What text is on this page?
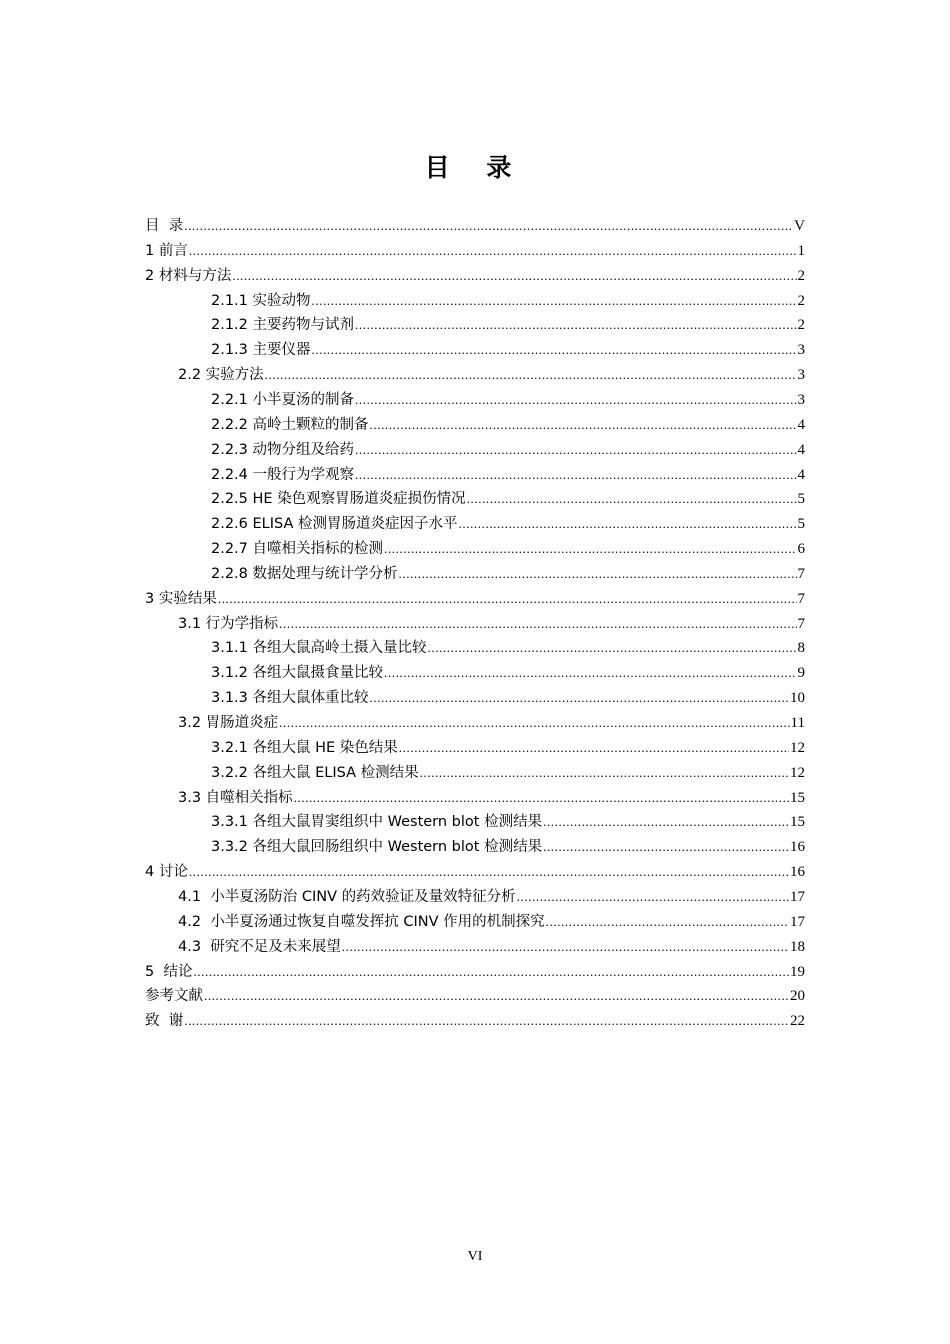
目 录
目  录 .....	V
1 前言 .....	1
2 材料与方法 .....	2
2.1.1 实验动物 .....	2
2.1.2 主要药物与试剂 .....	2
2.1.3 主要仪器 .....	3
2.2 实验方法 .....	3
2.2.1 小半夏汤的制备 .....	3
2.2.2 高岭土颗粒的制备 .....	4
2.2.3 动物分组及给药 .....	4
2.2.4 一般行为学观察 .....	4
2.2.5 HE 染色观察胃肠道炎症损伤情况 .....	5
2.2.6 ELISA 检测胃肠道炎症因子水平 .....	5
2.2.7 自噬相关指标的检测 .....	6
2.2.8 数据处理与统计学分析 .....	7
3 实验结果 .....	7
3.1 行为学指标 .....	7
3.1.1 各组大鼠高岭土摄入量比较 .....	8
3.1.2 各组大鼠摄食量比较 .....	9
3.1.3 各组大鼠体重比较 .....	10
3.2 胃肠道炎症 .....	11
3.2.1 各组大鼠 HE 染色结果 .....	12
3.2.2 各组大鼠 ELISA 检测结果 .....	12
3.3 自噬相关指标 .....	15
3.3.1 各组大鼠胃窦组织中 Western blot 检测结果 .....	15
3.3.2 各组大鼠回肠组织中 Western blot 检测结果 .....	16
4 讨论 .....	16
4.1  小半夏汤防治 CINV 的药效验证及量效特征分析 .....	17
4.2  小半夏汤通过恢复自噬发挥抗 CINV 作用的机制探究 .....	17
4.3  研究不足及未来展望 .....	18
5  结论 .....	19
参考文献 .....	20
致  谢 .....	22
VI
